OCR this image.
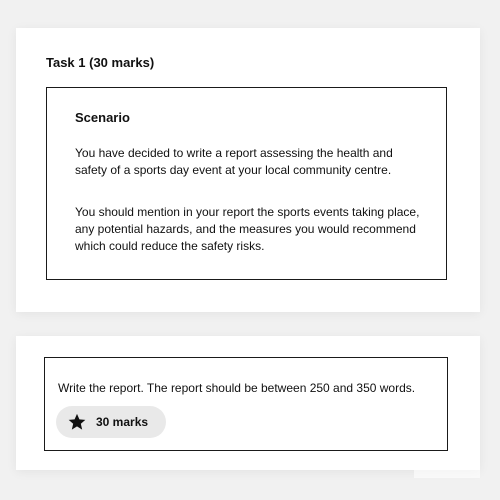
Task 1 (30 marks)
Scenario

You have decided to write a report assessing the health and safety of a sports day event at your local community centre.

You should mention in your report the sports events taking place, any potential hazards, and the measures you would recommend which could reduce the safety risks.

Write the report. The report should be between 250 and 350 words.

30 marks
